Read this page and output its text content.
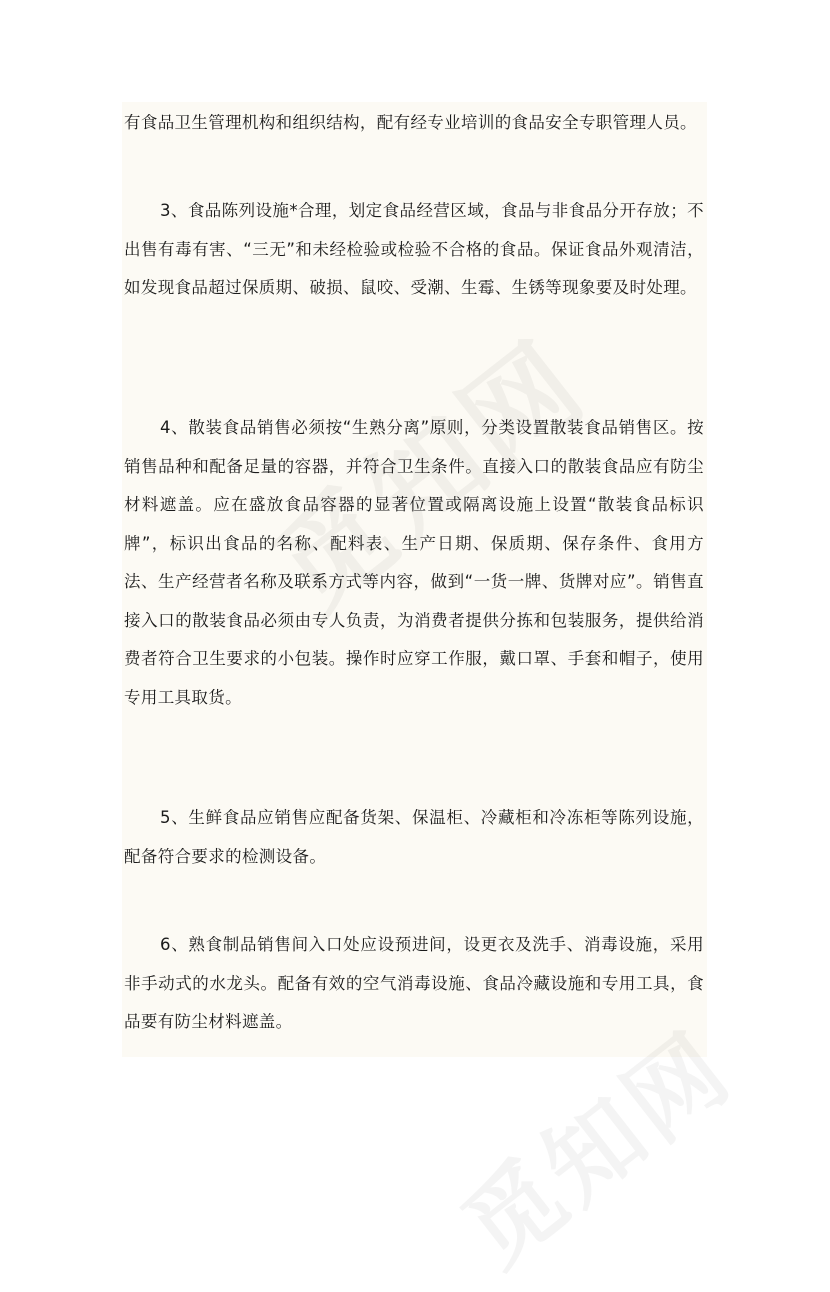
有食品卫生管理机构和组织结构，配有经专业培训的食品安全专职管理人员。

3、食品陈列设施*合理，划定食品经营区域，食品与非食品分开存放；不出售有毒有害、“三无”和未经检验或检验不合格的食品。保证食品外观清洁，如发现食品超过保质期、破损、鼠咬、受潮、生霉、生锈等现象要及时处理。

4、散装食品销售必须按“生熟分离”原则，分类设置散装食品销售区。按销售品种和配备足量的容器，并符合卫生条件。直接入口的散装食品应有防尘材料遮盖。应在盛放食品容器的显著位置或隔离设施上设置“散装食品标识牌”，标识出食品的名称、配料表、生产日期、保质期、保存条件、食用方法、生产经营者名称及联系方式等内容，做到“一货一牌、货牌对应”。销售直接入口的散装食品必须由专人负责，为消费者提供分拣和包装服务，提供给消费者符合卫生要求的小包装。操作时应穿工作服，戴口罩、手套和帽子，使用专用工具取货。

5、生鲜食品应销售应配备货架、保温柜、冷藏柜和冷冻柜等陈列设施，配备符合要求的检测设备。

6、熟食制品销售间入口处应设预进间，设更衣及洗手、消毒设施，采用非手动式的水龙头。配备有效的空气消毒设施、食品冷藏设施和专用工具，食品要有防尘材料遮盖。
